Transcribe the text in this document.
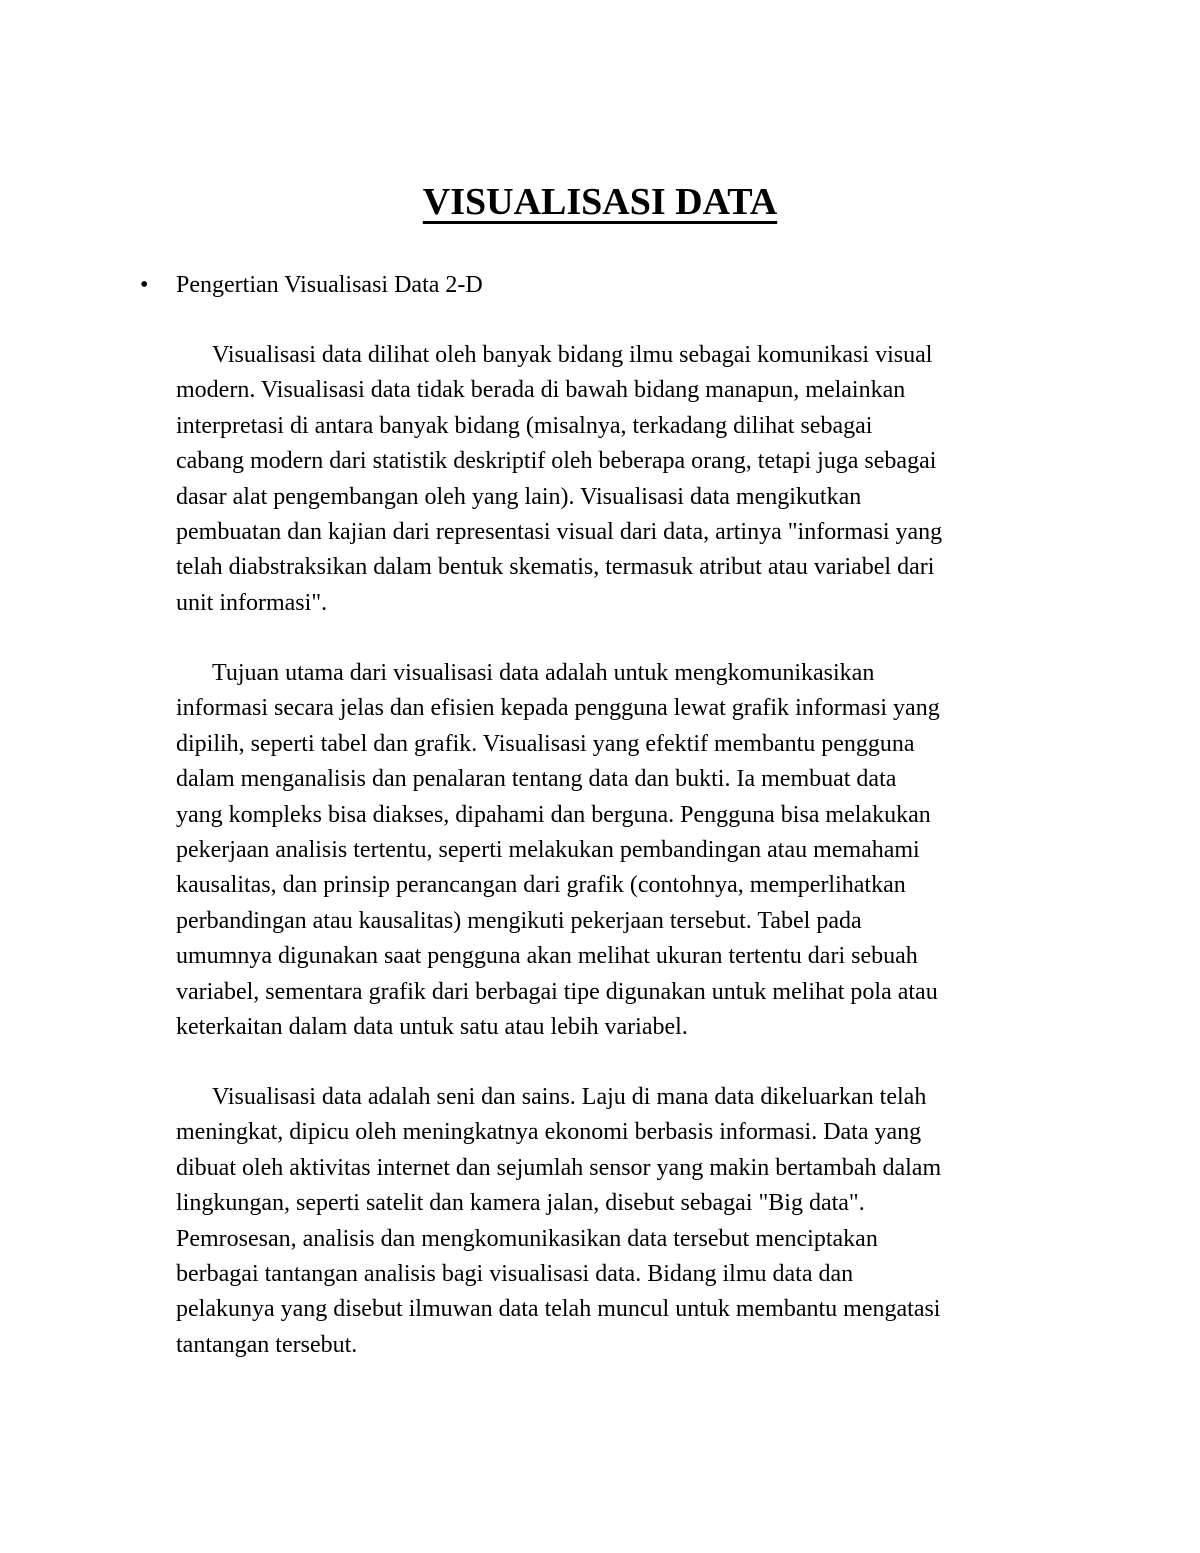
VISUALISASI DATA
• Pengertian Visualisasi Data 2-D
Visualisasi data dilihat oleh banyak bidang ilmu sebagai komunikasi visual
modern. Visualisasi data tidak berada di bawah bidang manapun, melainkan
interpretasi di antara banyak bidang (misalnya, terkadang dilihat sebagai
cabang modern dari statistik deskriptif oleh beberapa orang, tetapi juga sebagai
dasar alat pengembangan oleh yang lain). Visualisasi data mengikutkan
pembuatan dan kajian dari representasi visual dari data, artinya "informasi yang
telah diabstraksikan dalam bentuk skematis, termasuk atribut atau variabel dari
unit informasi".
Tujuan utama dari visualisasi data adalah untuk mengkomunikasikan
informasi secara jelas dan efisien kepada pengguna lewat grafik informasi yang
dipilih, seperti tabel dan grafik. Visualisasi yang efektif membantu pengguna
dalam menganalisis dan penalaran tentang data dan bukti. Ia membuat data
yang kompleks bisa diakses, dipahami dan berguna. Pengguna bisa melakukan
pekerjaan analisis tertentu, seperti melakukan pembandingan atau memahami
kausalitas, dan prinsip perancangan dari grafik (contohnya, memperlihatkan
perbandingan atau kausalitas) mengikuti pekerjaan tersebut. Tabel pada
umumnya digunakan saat pengguna akan melihat ukuran tertentu dari sebuah
variabel, sementara grafik dari berbagai tipe digunakan untuk melihat pola atau
keterkaitan dalam data untuk satu atau lebih variabel.
Visualisasi data adalah seni dan sains. Laju di mana data dikeluarkan telah
meningkat, dipicu oleh meningkatnya ekonomi berbasis informasi. Data yang
dibuat oleh aktivitas internet dan sejumlah sensor yang makin bertambah dalam
lingkungan, seperti satelit dan kamera jalan, disebut sebagai "Big data".
Pemrosesan, analisis dan mengkomunikasikan data tersebut menciptakan
berbagai tantangan analisis bagi visualisasi data. Bidang ilmu data dan
pelakunya yang disebut ilmuwan data telah muncul untuk membantu mengatasi
tantangan tersebut.
